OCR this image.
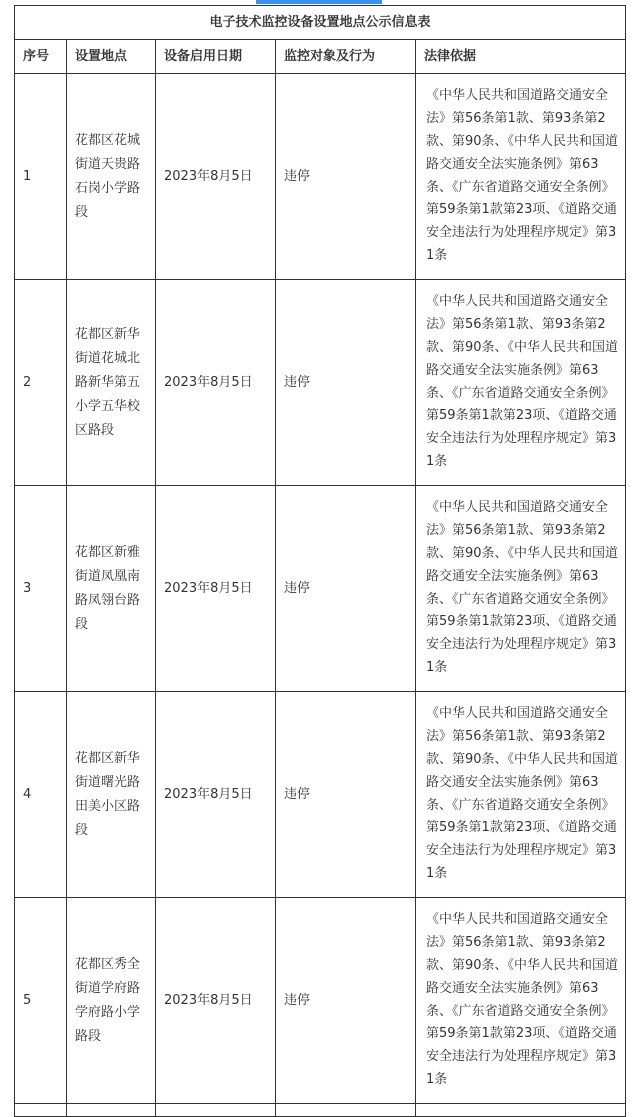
电子技术监控设备设置地点公示信息表				
序号	设置地点	设备启用日期	监控对象及行为	法律依据
1	花都区花城街道天贵路石岗小学路段	2023年8月5日	违停	《中华人民共和国道路交通安全法》第56条第1款、第93条第2款、第90条、《中华人民共和国道路交通安全法实施条例》第63条、《广东省道路交通安全条例》第59条第1款第23项、《道路交通安全违法行为处理程序规定》第31条
2	花都区新华街道花城北路新华第五小学五华校区路段	2023年8月5日	违停	《中华人民共和国道路交通安全法》第56条第1款、第93条第2款、第90条、《中华人民共和国道路交通安全法实施条例》第63条、《广东省道路交通安全条例》第59条第1款第23项、《道路交通安全违法行为处理程序规定》第31条
3	花都区新雅街道凤凰南路凤翎台路段	2023年8月5日	违停	《中华人民共和国道路交通安全法》第56条第1款、第93条第2款、第90条、《中华人民共和国道路交通安全法实施条例》第63条、《广东省道路交通安全条例》第59条第1款第23项、《道路交通安全违法行为处理程序规定》第31条
4	花都区新华街道曙光路田美小区路段	2023年8月5日	违停	《中华人民共和国道路交通安全法》第56条第1款、第93条第2款、第90条、《中华人民共和国道路交通安全法实施条例》第63条、《广东省道路交通安全条例》第59条第1款第23项、《道路交通安全违法行为处理程序规定》第31条
5	花都区秀全街道学府路学府路小学路段	2023年8月5日	违停	《中华人民共和国道路交通安全法》第56条第1款、第93条第2款、第90条、《中华人民共和国道路交通安全法实施条例》第63条、《广东省道路交通安全条例》第59条第1款第23项、《道路交通安全违法行为处理程序规定》第31条
